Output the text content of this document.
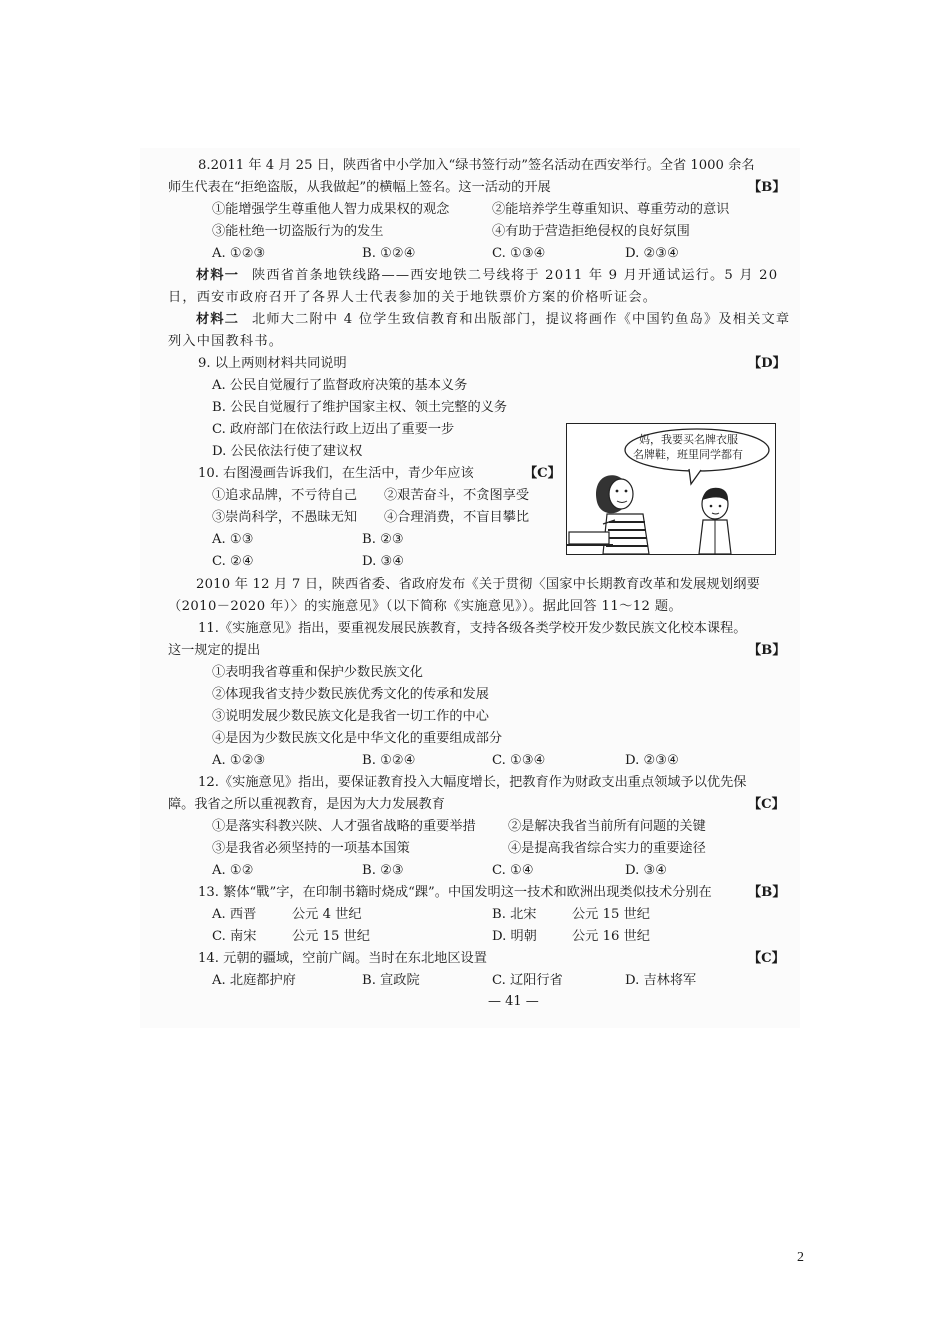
8.2011 年 4 月 25 日，陕西省中小学加入“绿书签行动”签名活动在西安举行。全省 1000 余名
师生代表在“拒绝盗版，从我做起”的横幅上签名。这一活动的开展	【B】
①能增强学生尊重他人智力成果权的观念	②能培养学生尊重知识、尊重劳动的意识
③能杜绝一切盗版行为的发生	④有助于营造拒绝侵权的良好氛围
A. ①②③	B. ①②④	C. ①③④	D. ②③④
材料一 陕西省首条地铁线路——西安地铁二号线将于 2011 年 9 月开通试运行。5 月 20
日，西安市政府召开了各界人士代表参加的关于地铁票价方案的价格听证会。
材料二 北师大二附中 4 位学生致信教育和出版部门，提议将画作《中国钓鱼岛》及相关文章
列入中国教科书。
9. 以上两则材料共同说明	【D】
A. 公民自觉履行了监督政府决策的基本义务
B. 公民自觉履行了维护国家主权、领土完整的义务
C. 政府部门在依法行政上迈出了重要一步
D. 公民依法行使了建议权
妈，我要买名牌衣服
名牌鞋，班里同学都有
10. 右图漫画告诉我们，在生活中，青少年应该	【C】
①追求品牌，不亏待自己 ②艰苦奋斗，不贪图享受
③崇尚科学，不愚昧无知 ④合理消费，不盲目攀比
A. ①③	B. ②③
C. ②④	D. ③④
2010 年 12 月 7 日，陕西省委、省政府发布《关于贯彻〈国家中长期教育改革和发展规划纲要
（2010－2020 年）〉的实施意见》（以下简称《实施意见》）。据此回答 11～12 题。
11.《实施意见》指出，要重视发展民族教育，支持各级各类学校开发少数民族文化校本课程。
这一规定的提出	【B】
①表明我省尊重和保护少数民族文化
②体现我省支持少数民族优秀文化的传承和发展
③说明发展少数民族文化是我省一切工作的中心
④是因为少数民族文化是中华文化的重要组成部分
A. ①②③	B. ①②④	C. ①③④	D. ②③④
12.《实施意见》指出，要保证教育投入大幅度增长，把教育作为财政支出重点领域予以优先保
障。我省之所以重视教育，是因为大力发展教育	【C】
①是落实科教兴陕、人才强省战略的重要举措 ②是解决我省当前所有问题的关键
③是我省必须坚持的一项基本国策	④是提高我省综合实力的重要途径
A. ①②	B. ②③	C. ①④	D. ③④
13. 繁体“戰”字，在印制书籍时烧成“踝”。中国发明这一技术和欧洲出现类似技术分别在	【B】
A. 西晋	公元 4 世纪	B. 北宋	公元 15 世纪
C. 南宋	公元 15 世纪	D. 明朝	公元 16 世纪
14. 元朝的疆域，空前广阔。当时在东北地区设置	【C】
A. 北庭都护府	B. 宣政院	C. 辽阳行省	D. 吉林将军
— 41 —
2
